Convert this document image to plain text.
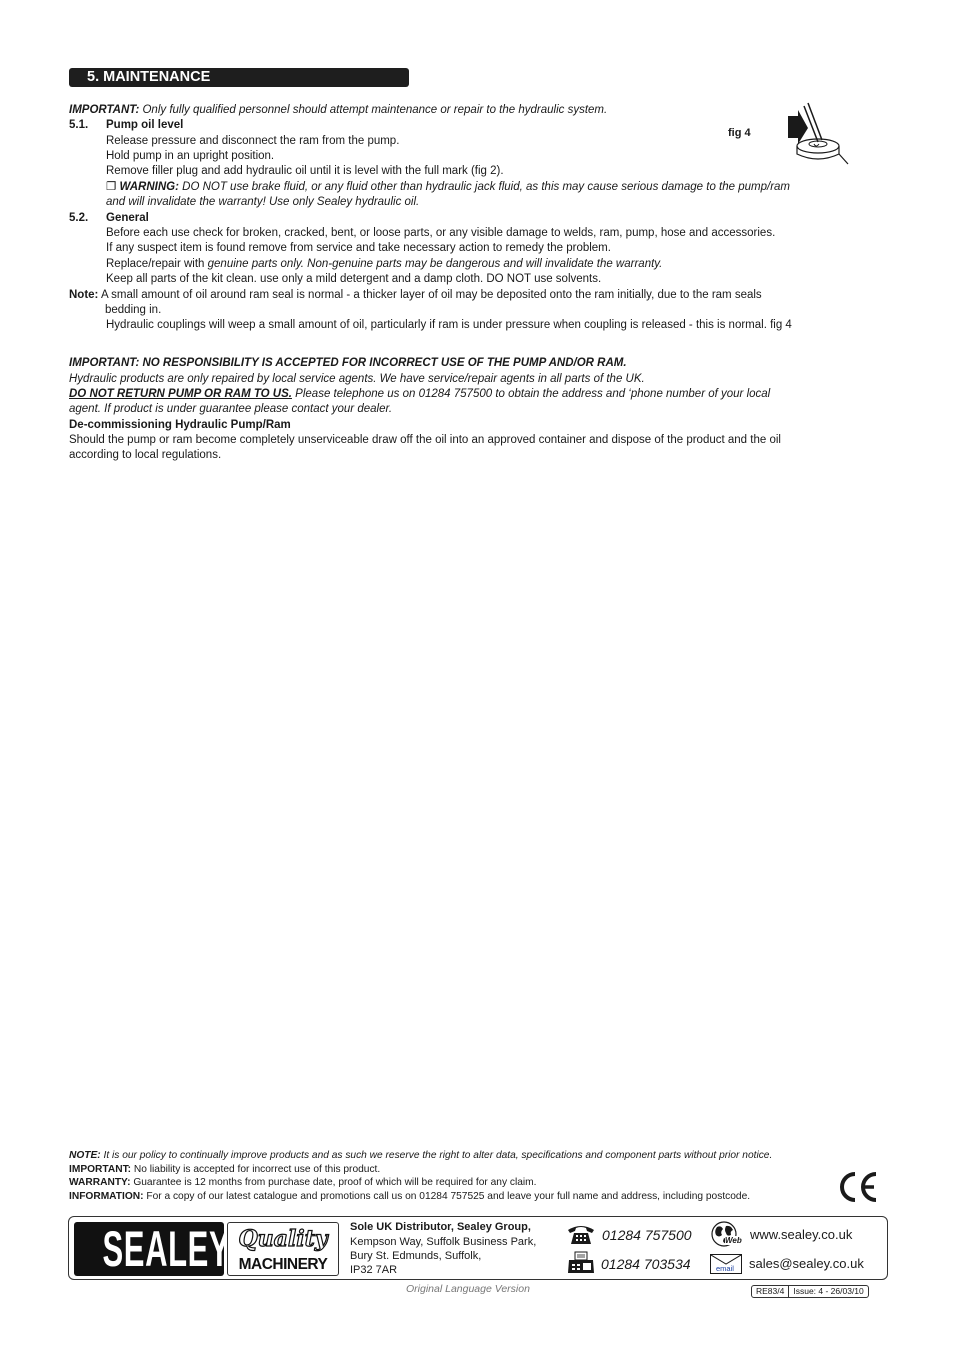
5. MAINTENANCE
IMPORTANT: Only fully qualified personnel should attempt maintenance or repair to the hydraulic system.
5.1. Pump oil level
Release pressure and disconnect the ram from the pump.
Hold pump in an upright position.
Remove filler plug and add hydraulic oil until it is level with the full mark (fig 2).
❐ WARNING: DO NOT use brake fluid, or any fluid other than hydraulic jack fluid, as this may cause serious damage to the pump/ram
and will invalidate the warranty! Use only Sealey hydraulic oil.
fig 4
5.2. General
Before each use check for broken, cracked, bent, or loose parts, or any visible damage to welds, ram, pump, hose and accessories.
If any suspect item is found remove from service and take necessary action to remedy the problem.
Replace/repair with genuine parts only. Non-genuine parts may be dangerous and will invalidate the warranty.
Keep all parts of the kit clean. use only a mild detergent and a damp cloth. DO NOT use solvents.
Note: A small amount of oil around ram seal is normal - a thicker layer of oil may be deposited onto the ram initially, due to the ram seals
bedding in.
Hydraulic couplings will weep a small amount of oil, particularly if ram is under pressure when coupling is released - this is normal. fig 4
IMPORTANT: NO RESPONSIBILITY IS ACCEPTED FOR INCORRECT USE OF THE PUMP AND/OR RAM.
Hydraulic products are only repaired by local service agents. We have service/repair agents in all parts of the UK.
DO NOT RETURN PUMP OR RAM TO US. Please telephone us on 01284 757500 to obtain the address and ‘phone number of your local
agent. If product is under guarantee please contact your dealer.
De-commissioning Hydraulic Pump/Ram
Should the pump or ram become completely unserviceable draw off the oil into an approved container and dispose of the product and the oil
according to local regulations.
NOTE: It is our policy to continually improve products and as such we reserve the right to alter data, specifications and component parts without prior notice.
IMPORTANT: No liability is accepted for incorrect use of this product.
WARRANTY: Guarantee is 12 months from purchase date, proof of which will be required for any claim.
INFORMATION: For a copy of our latest catalogue and promotions call us on 01284 757525 and leave your full name and address, including postcode.
SEALEY Quality
MACHINERY
Sole UK Distributor, Sealey Group,
Kempson Way, Suffolk Business Park,
Bury St. Edmunds, Suffolk,
IP32 7AR
01284 757500
01284 703534
Web www.sealey.co.uk
email sales@sealey.co.uk
Original Language Version	RE83/4	Issue: 4 - 26/03/10
